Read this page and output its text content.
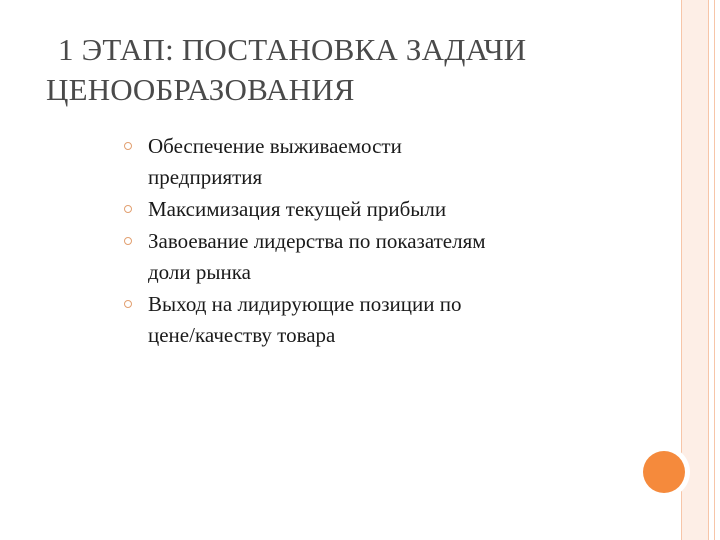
1 ЭТАП: ПОСТАНОВКА ЗАДАЧИ
ЦЕНООБРАЗОВАНИЯ
Обеспечение выживаемости
предприятия
Максимизация текущей прибыли
Завоевание лидерства по показателям
доли рынка
Выход на лидирующие позиции по
цене/качеству товара
